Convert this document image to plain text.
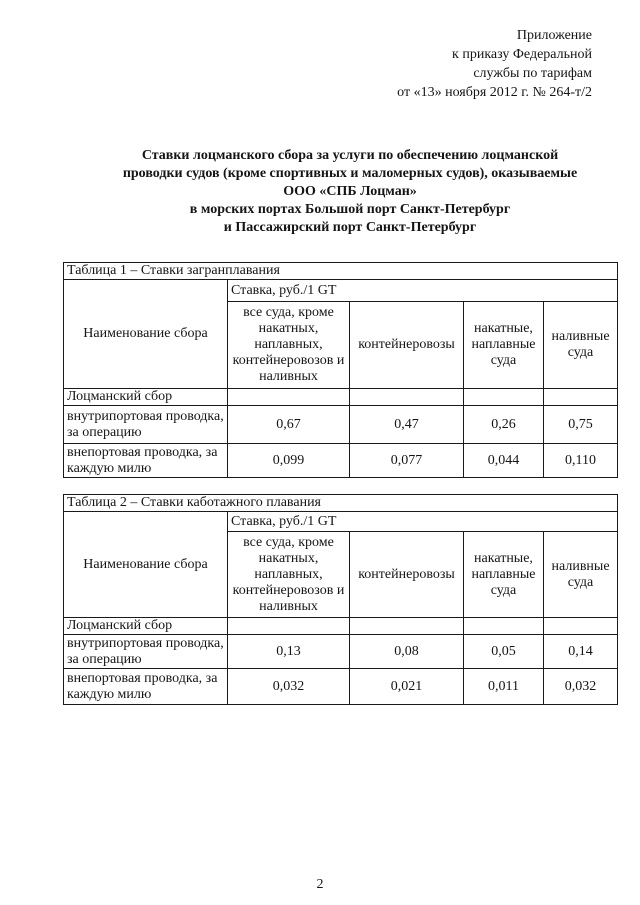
Приложение
к приказу Федеральной
службы по тарифам
от «13» ноября 2012 г. № 264-т/2
Ставки лоцманского сбора за услуги по обеспечению лоцманской
проводки судов (кроме спортивных и маломерных судов), оказываемые
ООО «СПБ Лоцман»
в морских портах Большой порт Санкт-Петербург
и Пассажирский порт Санкт-Петербург
Таблица 1 – Ставки загранплавания				
Наименование сбора	Ставка, руб./1 GT			
	все суда, кроме накатных, наплавных, контейнеровозов и наливных	контейнеровозы	накатные, наплавные суда	наливные суда
Лоцманский сбор				
внутрипортовая проводка, за операцию	0,67	0,47	0,26	0,75
внепортовая проводка, за каждую милю	0,099	0,077	0,044	0,110
Таблица 2 – Ставки каботажного плавания				
Наименование сбора	Ставка, руб./1 GT			
	все суда, кроме накатных, наплавных, контейнеровозов и наливных	контейнеровозы	накатные, наплавные суда	наливные суда
Лоцманский сбор				
внутрипортовая проводка, за операцию	0,13	0,08	0,05	0,14
внепортовая проводка, за каждую милю	0,032	0,021	0,011	0,032
2
